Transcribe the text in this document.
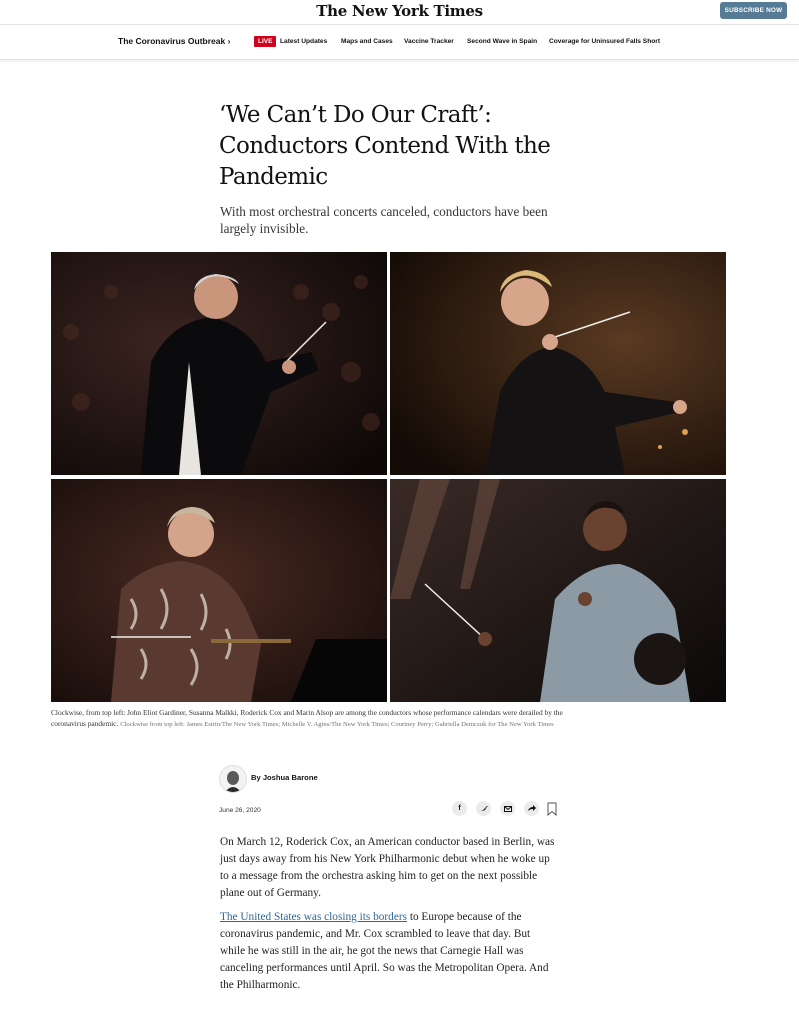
The New York Times	SUBSCRIBE NOW
The Coronavirus Outbreak ›	LIVE	Latest Updates Maps and Cases Vaccine Tracker Second Wave in Spain Coverage for Uninsured Falls Short
‘We Can’t Do Our Craft’: Conductors Contend With the Pandemic

With most orchestral concerts canceled, conductors have been largely invisible.

Clockwise, from top left: John Eliot Gardiner, Susanna Malkki, Roderick Cox and Marin Alsop are among the conductors whose performance calendars were derailed by the coronavirus pandemic. Clockwise from top left: James Estrin/The New York Times; Michelle V. Agins/The New York Times; Courtney Perry; Gabriella Demczuk for The New York Times
By Joshua Barone
June 26, 2020	f

On March 12, Roderick Cox, an American conductor based in Berlin, was just days away from his New York Philharmonic debut when he woke up to a message from the orchestra asking him to get on the next possible plane out of Germany.

The United States was closing its borders to Europe because of the coronavirus pandemic, and Mr. Cox scrambled to leave that day. But while he was still in the air, he got the news that Carnegie Hall was canceling performances until April. So was the Metropolitan Opera. And the Philharmonic.
